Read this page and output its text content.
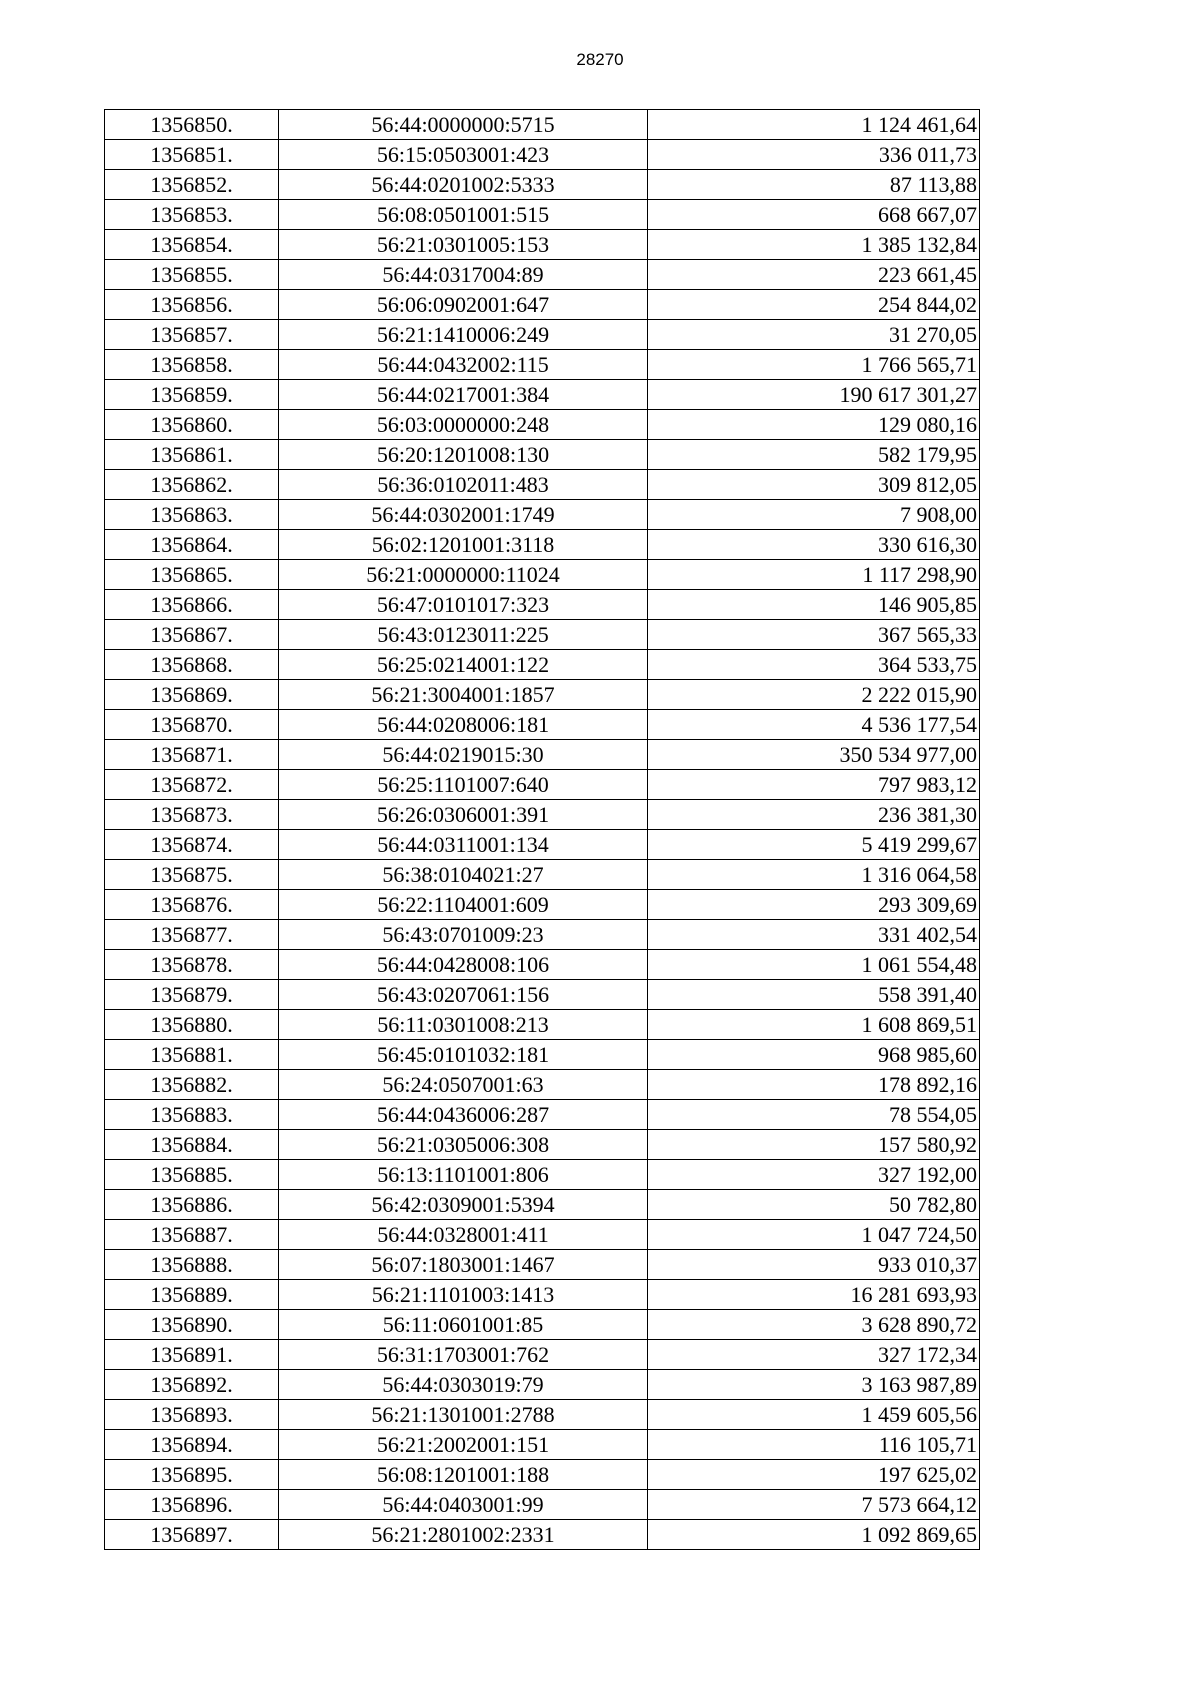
28270
1356850.	56:44:0000000:5715	1 124 461,64
1356851.	56:15:0503001:423	336 011,73
1356852.	56:44:0201002:5333	87 113,88
1356853.	56:08:0501001:515	668 667,07
1356854.	56:21:0301005:153	1 385 132,84
1356855.	56:44:0317004:89	223 661,45
1356856.	56:06:0902001:647	254 844,02
1356857.	56:21:1410006:249	31 270,05
1356858.	56:44:0432002:115	1 766 565,71
1356859.	56:44:0217001:384	190 617 301,27
1356860.	56:03:0000000:248	129 080,16
1356861.	56:20:1201008:130	582 179,95
1356862.	56:36:0102011:483	309 812,05
1356863.	56:44:0302001:1749	7 908,00
1356864.	56:02:1201001:3118	330 616,30
1356865.	56:21:0000000:11024	1 117 298,90
1356866.	56:47:0101017:323	146 905,85
1356867.	56:43:0123011:225	367 565,33
1356868.	56:25:0214001:122	364 533,75
1356869.	56:21:3004001:1857	2 222 015,90
1356870.	56:44:0208006:181	4 536 177,54
1356871.	56:44:0219015:30	350 534 977,00
1356872.	56:25:1101007:640	797 983,12
1356873.	56:26:0306001:391	236 381,30
1356874.	56:44:0311001:134	5 419 299,67
1356875.	56:38:0104021:27	1 316 064,58
1356876.	56:22:1104001:609	293 309,69
1356877.	56:43:0701009:23	331 402,54
1356878.	56:44:0428008:106	1 061 554,48
1356879.	56:43:0207061:156	558 391,40
1356880.	56:11:0301008:213	1 608 869,51
1356881.	56:45:0101032:181	968 985,60
1356882.	56:24:0507001:63	178 892,16
1356883.	56:44:0436006:287	78 554,05
1356884.	56:21:0305006:308	157 580,92
1356885.	56:13:1101001:806	327 192,00
1356886.	56:42:0309001:5394	50 782,80
1356887.	56:44:0328001:411	1 047 724,50
1356888.	56:07:1803001:1467	933 010,37
1356889.	56:21:1101003:1413	16 281 693,93
1356890.	56:11:0601001:85	3 628 890,72
1356891.	56:31:1703001:762	327 172,34
1356892.	56:44:0303019:79	3 163 987,89
1356893.	56:21:1301001:2788	1 459 605,56
1356894.	56:21:2002001:151	116 105,71
1356895.	56:08:1201001:188	197 625,02
1356896.	56:44:0403001:99	7 573 664,12
1356897.	56:21:2801002:2331	1 092 869,65
